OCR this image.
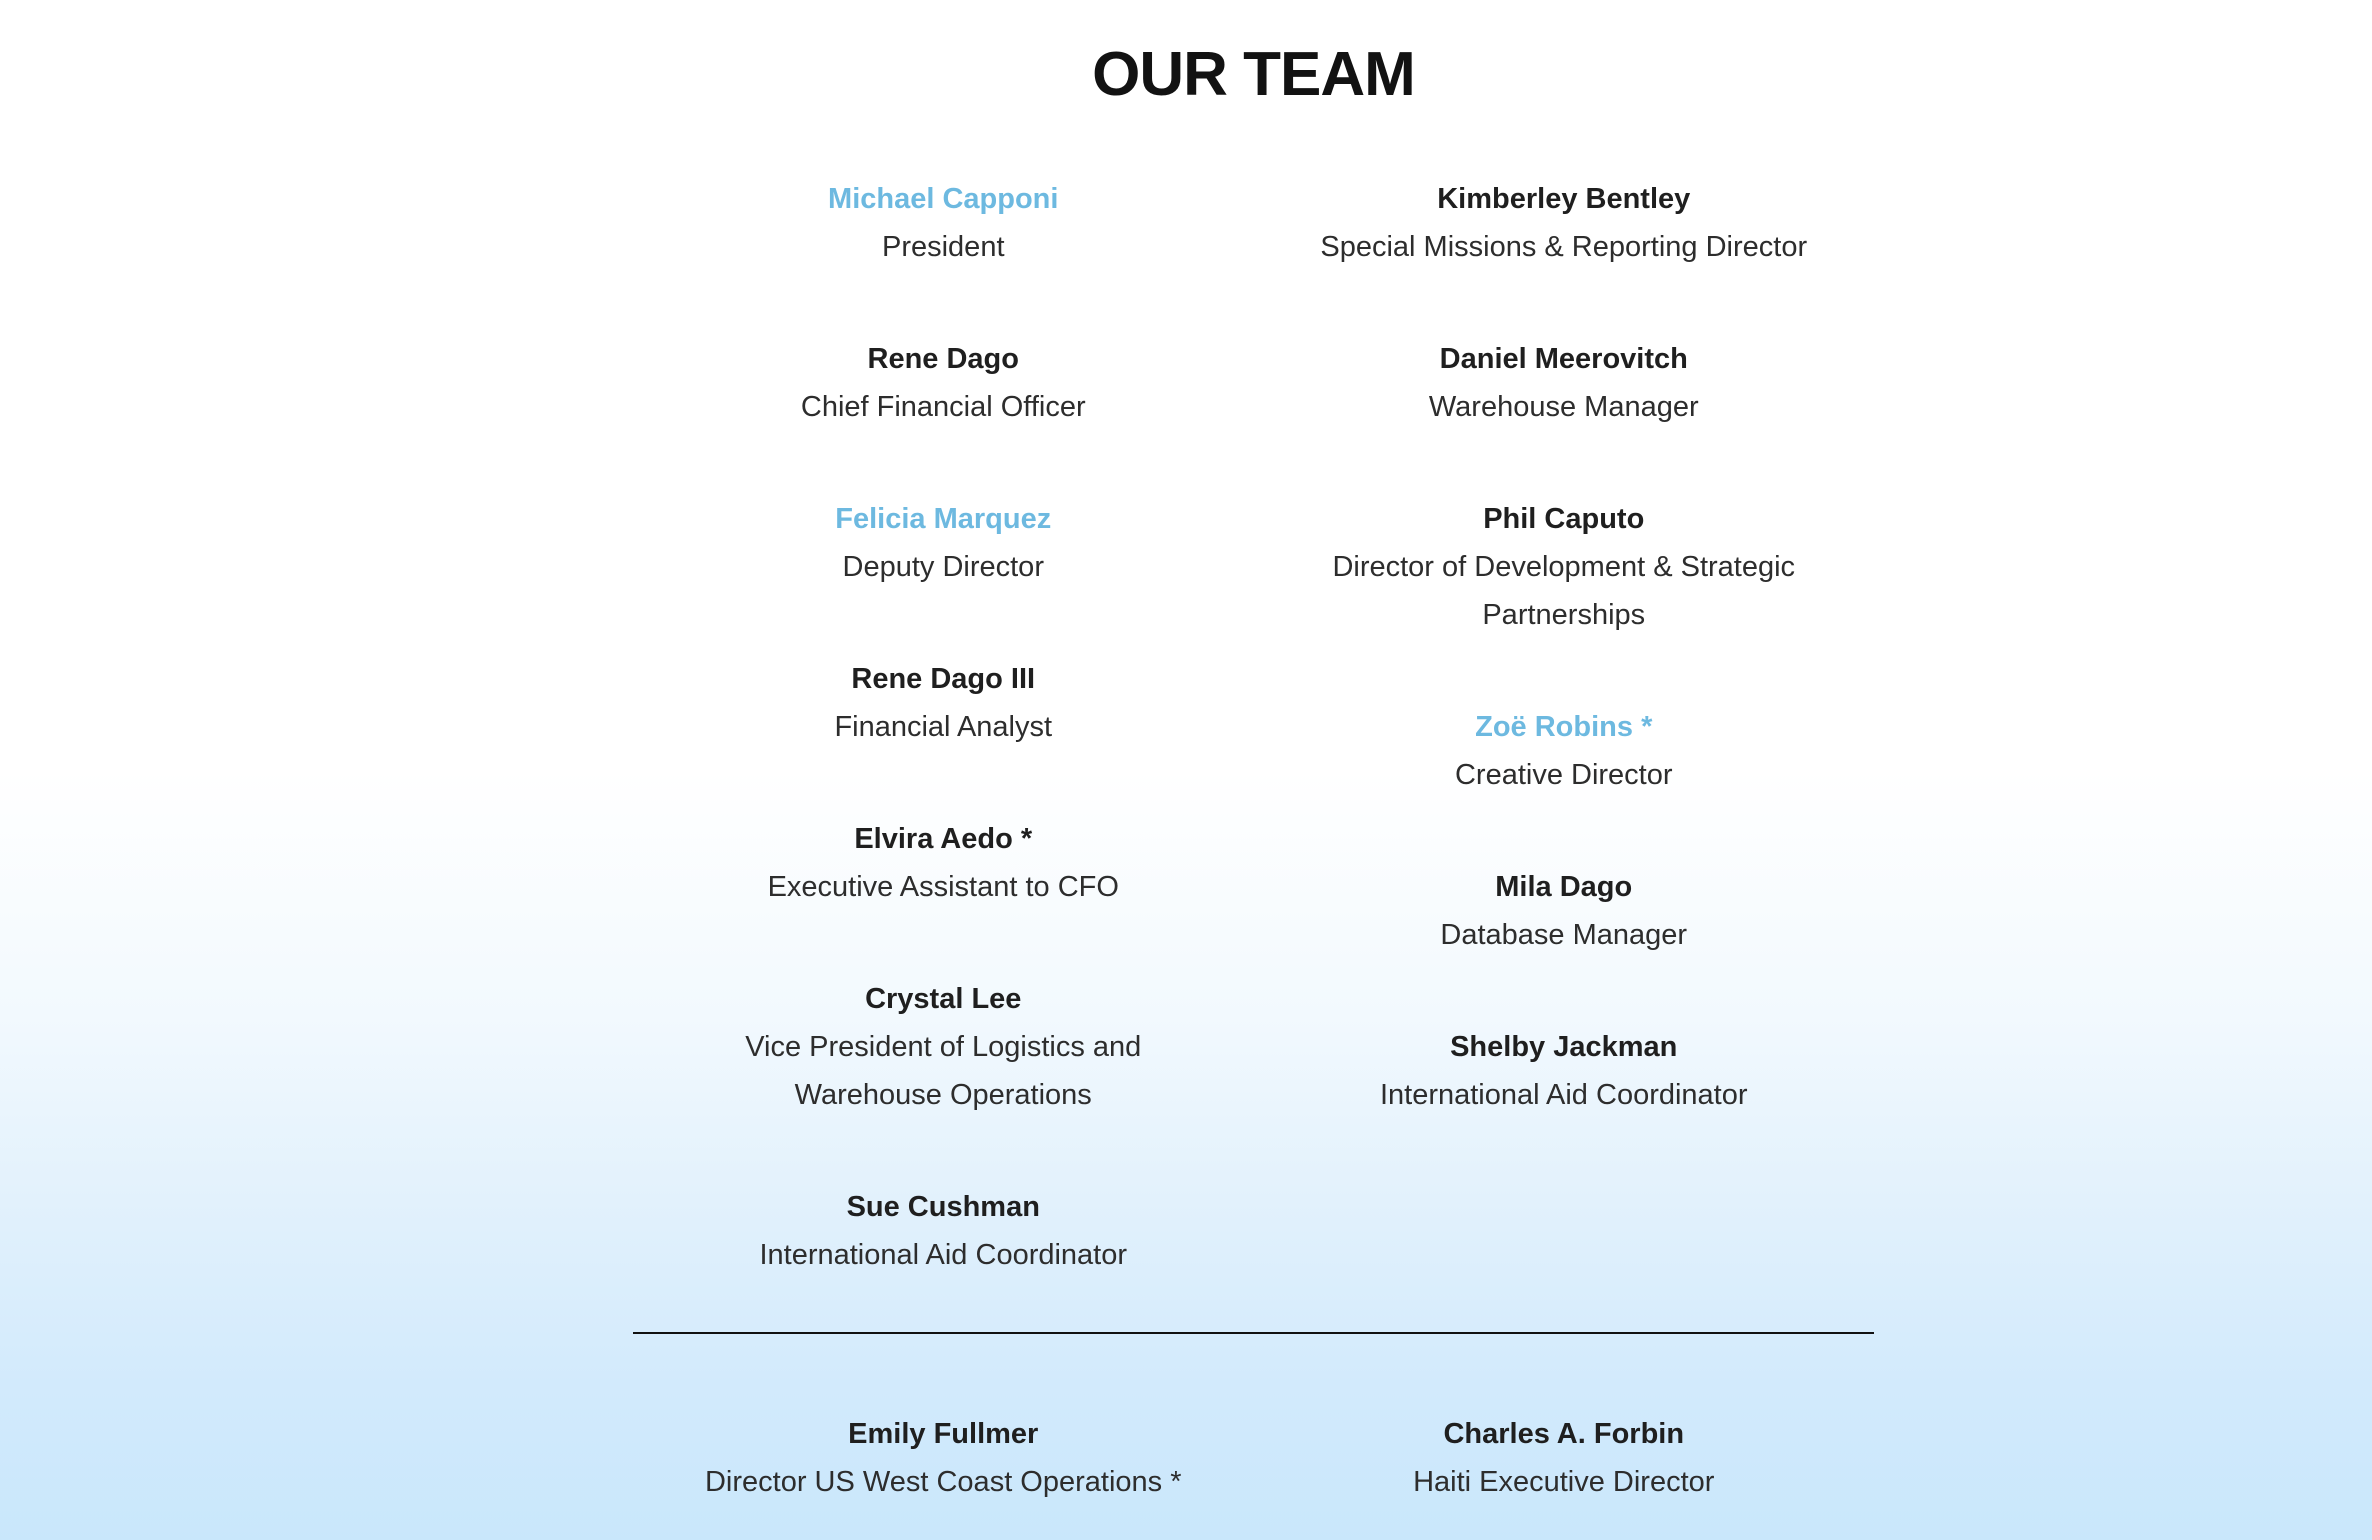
OUR TEAM
Michael Capponi
President
Rene Dago
Chief Financial Officer
Felicia Marquez
Deputy Director
Rene Dago III
Financial Analyst
Elvira Aedo *
Executive Assistant to CFO
Crystal Lee
Vice President of Logistics and Warehouse Operations
Sue Cushman
International Aid Coordinator
Kimberley Bentley
Special Missions & Reporting Director
Daniel Meerovitch
Warehouse Manager
Phil Caputo
Director of Development & Strategic Partnerships
Zoë Robins *
Creative Director
Mila Dago
Database Manager
Shelby Jackman
International Aid Coordinator
Emily Fullmer
Director US West Coast Operations *
Charles A. Forbin
Haiti Executive Director
